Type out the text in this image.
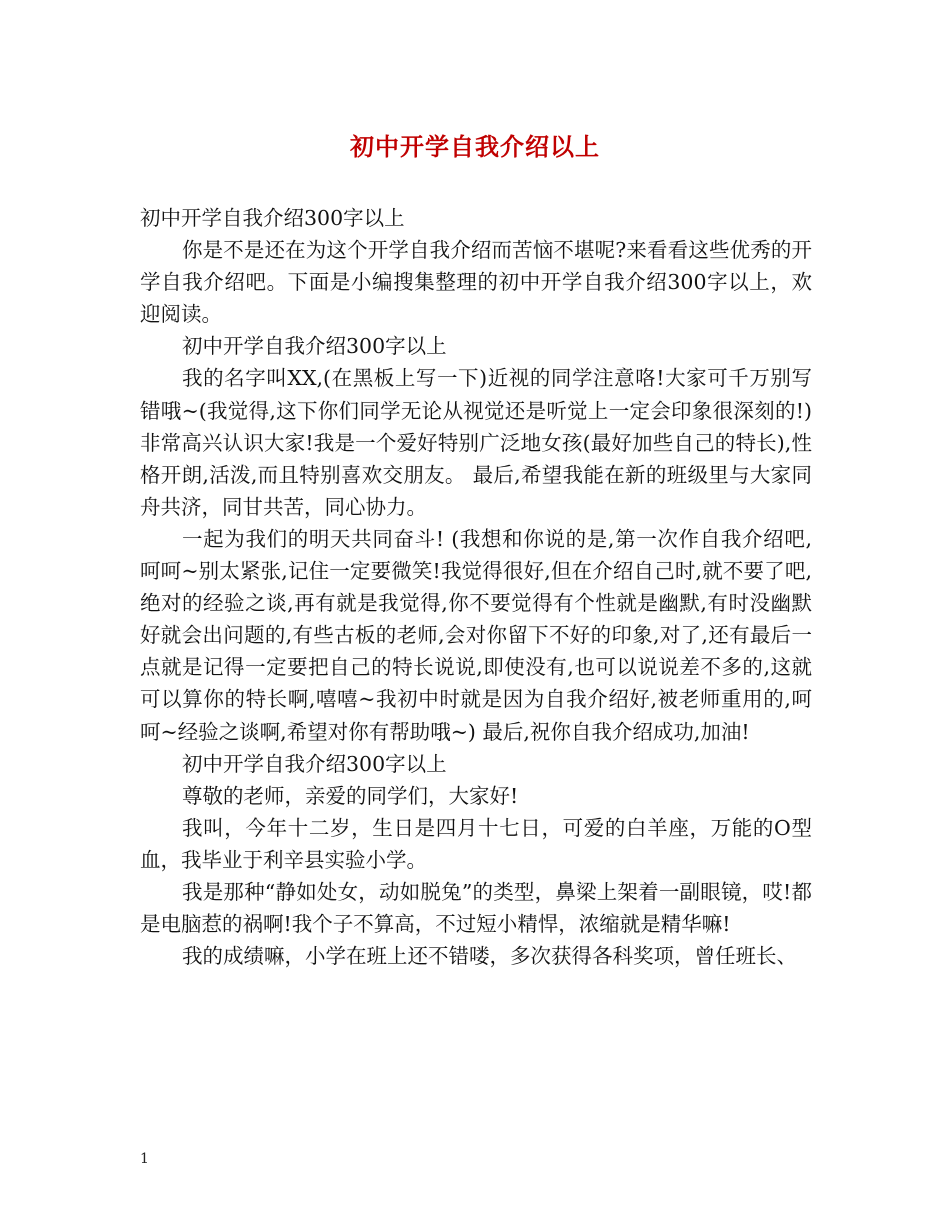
初中开学自我介绍以上

初中开学自我介绍300字以上

你是不是还在为这个开学自我介绍而苦恼不堪呢?来看看这些优秀的开学自我介绍吧。下面是小编搜集整理的初中开学自我介绍300字以上，欢迎阅读。

初中开学自我介绍300字以上

我的名字叫XX,(在黑板上写一下)近视的同学注意咯!大家可千万别写错哦~(我觉得,这下你们同学无论从视觉还是听觉上一定会印象很深刻的!) 非常高兴认识大家!我是一个爱好特别广泛地女孩(最好加些自己的特长),性格开朗,活泼,而且特别喜欢交朋友。 最后,希望我能在新的班级里与大家同舟共济，同甘共苦，同心协力。

一起为我们的明天共同奋斗! (我想和你说的是,第一次作自我介绍吧,呵呵~别太紧张,记住一定要微笑!我觉得很好,但在介绍自己时,就不要了吧,绝对的经验之谈,再有就是我觉得,你不要觉得有个性就是幽默,有时没幽默好就会出问题的,有些古板的老师,会对你留下不好的印象,对了,还有最后一点就是记得一定要把自己的特长说说,即使没有,也可以说说差不多的,这就可以算你的特长啊,嘻嘻~我初中时就是因为自我介绍好,被老师重用的,呵呵~经验之谈啊,希望对你有帮助哦~) 最后,祝你自我介绍成功,加油!

初中开学自我介绍300字以上

尊敬的老师，亲爱的同学们，大家好!

我叫，今年十二岁，生日是四月十七日，可爱的白羊座，万能的O型血，我毕业于利辛县实验小学。

我是那种“静如处女，动如脱兔”的类型，鼻梁上架着一副眼镜，哎!都是电脑惹的祸啊!我个子不算高，不过短小精悍，浓缩就是精华嘛!

我的成绩嘛，小学在班上还不错喽，多次获得各科奖项，曾任班长、

1
